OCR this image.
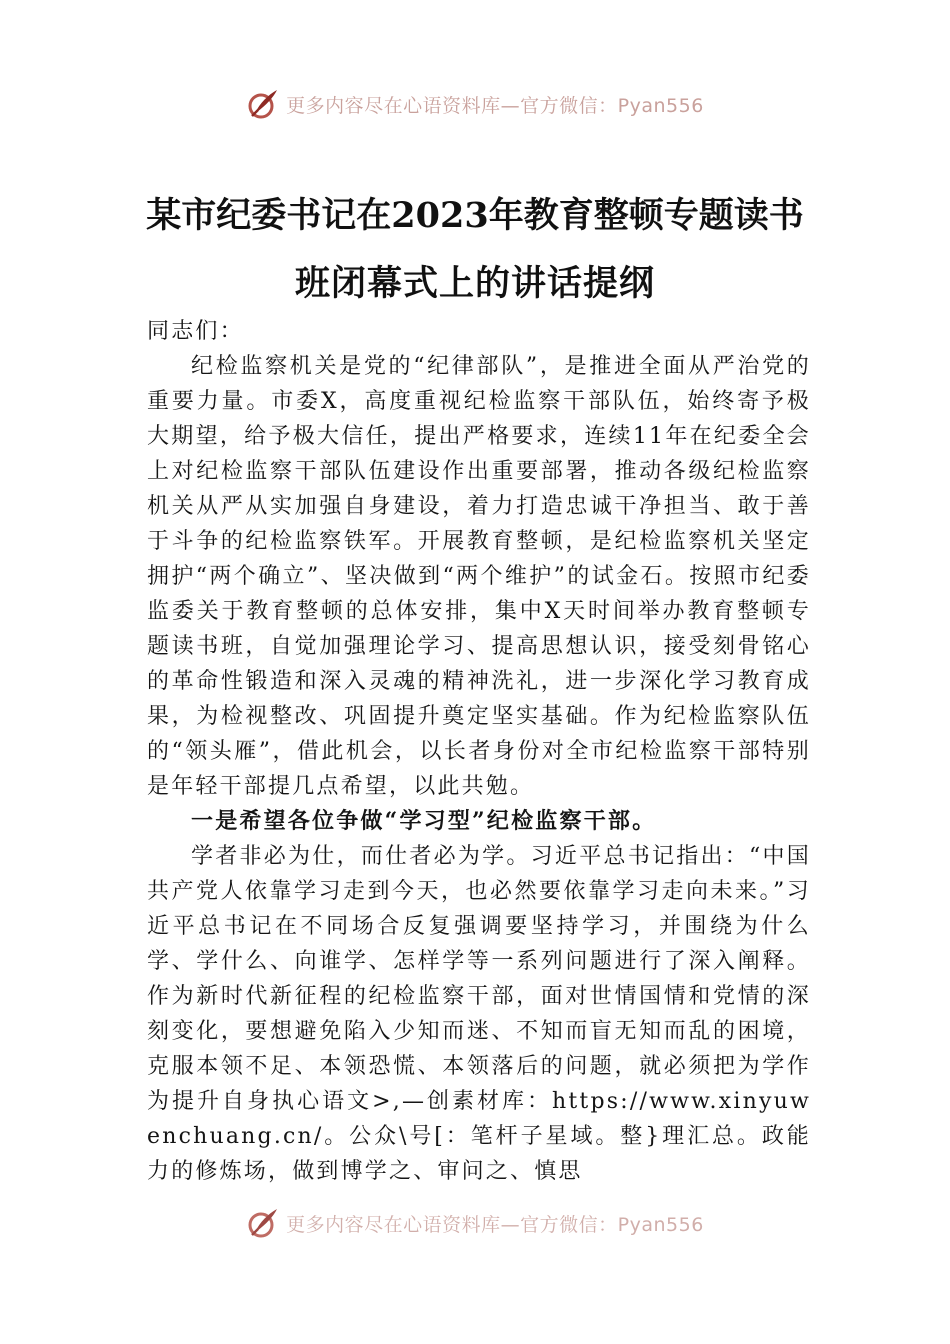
更多内容尽在心语资料库—官方微信：Pyan556
某市纪委书记在2023年教育整顿专题读书
班闭幕式上的讲话提纲

同志们：

纪检监察机关是党的“纪律部队”，是推进全面从严治党的重要力量。市委X，高度重视纪检监察干部队伍，始终寄予极大期望，给予极大信任，提出严格要求，连续11年在纪委全会上对纪检监察干部队伍建设作出重要部署，推动各级纪检监察机关从严从实加强自身建设，着力打造忠诚干净担当、敢于善于斗争的纪检监察铁军。开展教育整顿，是纪检监察机关坚定拥护“两个确立”、坚决做到“两个维护”的试金石。按照市纪委监委关于教育整顿的总体安排，集中X天时间举办教育整顿专题读书班，自觉加强理论学习、提高思想认识，接受刻骨铭心的革命性锻造和深入灵魂的精神洗礼，进一步深化学习教育成果，为检视整改、巩固提升奠定坚实基础。作为纪检监察队伍的“领头雁”，借此机会，以长者身份对全市纪检监察干部特别是年轻干部提几点希望，以此共勉。

一是希望各位争做“学习型”纪检监察干部。

学者非必为仕，而仕者必为学。习近平总书记指出：“中国共产党人依靠学习走到今天，也必然要依靠学习走向未来。”习近平总书记在不同场合反复强调要坚持学习，并围绕为什么学、学什么、向谁学、怎样学等一系列问题进行了深入阐释。作为新时代新征程的纪检监察干部，面对世情国情和党情的深刻变化，要想避免陷入少知而迷、不知而盲无知而乱的困境，克服本领不足、本领恐慌、本领落后的问题，就必须把为学作为提升自身执心语文>,—创素材库：https://www.xinyuwenchuang.cn/。公众\号[：笔杆子星域。整}理汇总。政能力的修炼场，做到博学之、审问之、慎思

更多内容尽在心语资料库—官方微信：Pyan556
